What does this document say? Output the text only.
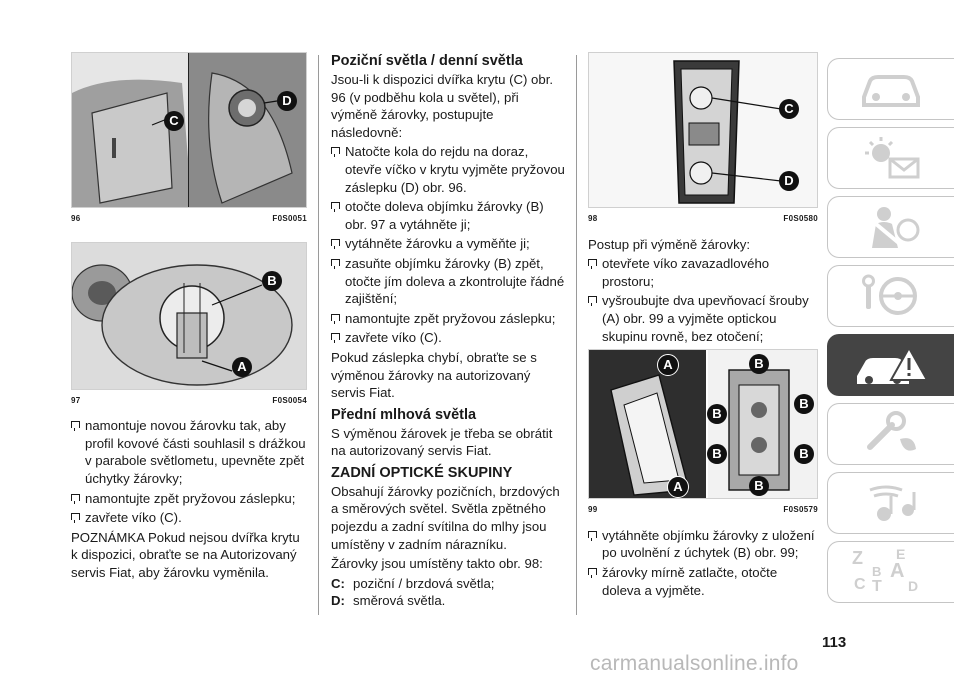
C
D
96	F0S0051
B
A
97	F0S0054

namontuje novou žárovku tak, aby profil kovové části souhlasil s drážkou v parabole světlometu, upevněte zpět úchytky žárovky;

namontujte zpět pryžovou záslepku;

zavřete víko (C).

POZNÁMKA Pokud nejsou dvířka krytu k dispozici, obraťte se na Autorizovaný servis Fiat, aby žárovku vyměnila.

Poziční světla / denní světla

Jsou-li k dispozici dvířka krytu (C) obr. 96 (v podběhu kola u světel), při výměně žárovky, postupujte následovně:

Natočte kola do rejdu na doraz, otevře víčko v krytu vyjměte pryžovou záslepku (D) obr. 96.

otočte doleva objímku žárovky (B) obr. 97 a vytáhněte ji;

vytáhněte žárovku a vyměňte ji;

zasuňte objímku žárovky (B) zpět, otočte jím doleva a zkontrolujte řádné zajištění;

namontujte zpět pryžovou záslepku;

zavřete víko (C).

Pokud záslepka chybí, obraťte se s výměnou žárovky na autorizovaný servis Fiat.

Přední mlhová světla

S výměnou žárovek je třeba se obrátit na autorizovaný servis Fiat.

ZADNÍ OPTICKÉ SKUPINY

Obsahují žárovky pozičních, brzdových a směrových světel. Světla zpětného pojezdu a zadní svítilna do mlhy jsou umístěny v zadním nárazníku.

Žárovky jsou umístěny takto obr. 98:

C: poziční / brzdová světla;
D: směrová světla.
C
D
98	F0S0580

Postup při výměně žárovky:

otevřete víko zavazadlového prostoru;

vyšroubujte dva upevňovací šrouby (A) obr. 99 a vyjměte optickou skupinu rovně, bez otočení;

A
A
B
B
B
B	B
B
99	F0S0579

vytáhněte objímku žárovky z uložení po uvolnění z úchytek (B) obr. 99;

žárovky mírně zatlačte, otočte doleva a vyjměte.

Z E
A
B
C T D
113
carmanualsonline.info
